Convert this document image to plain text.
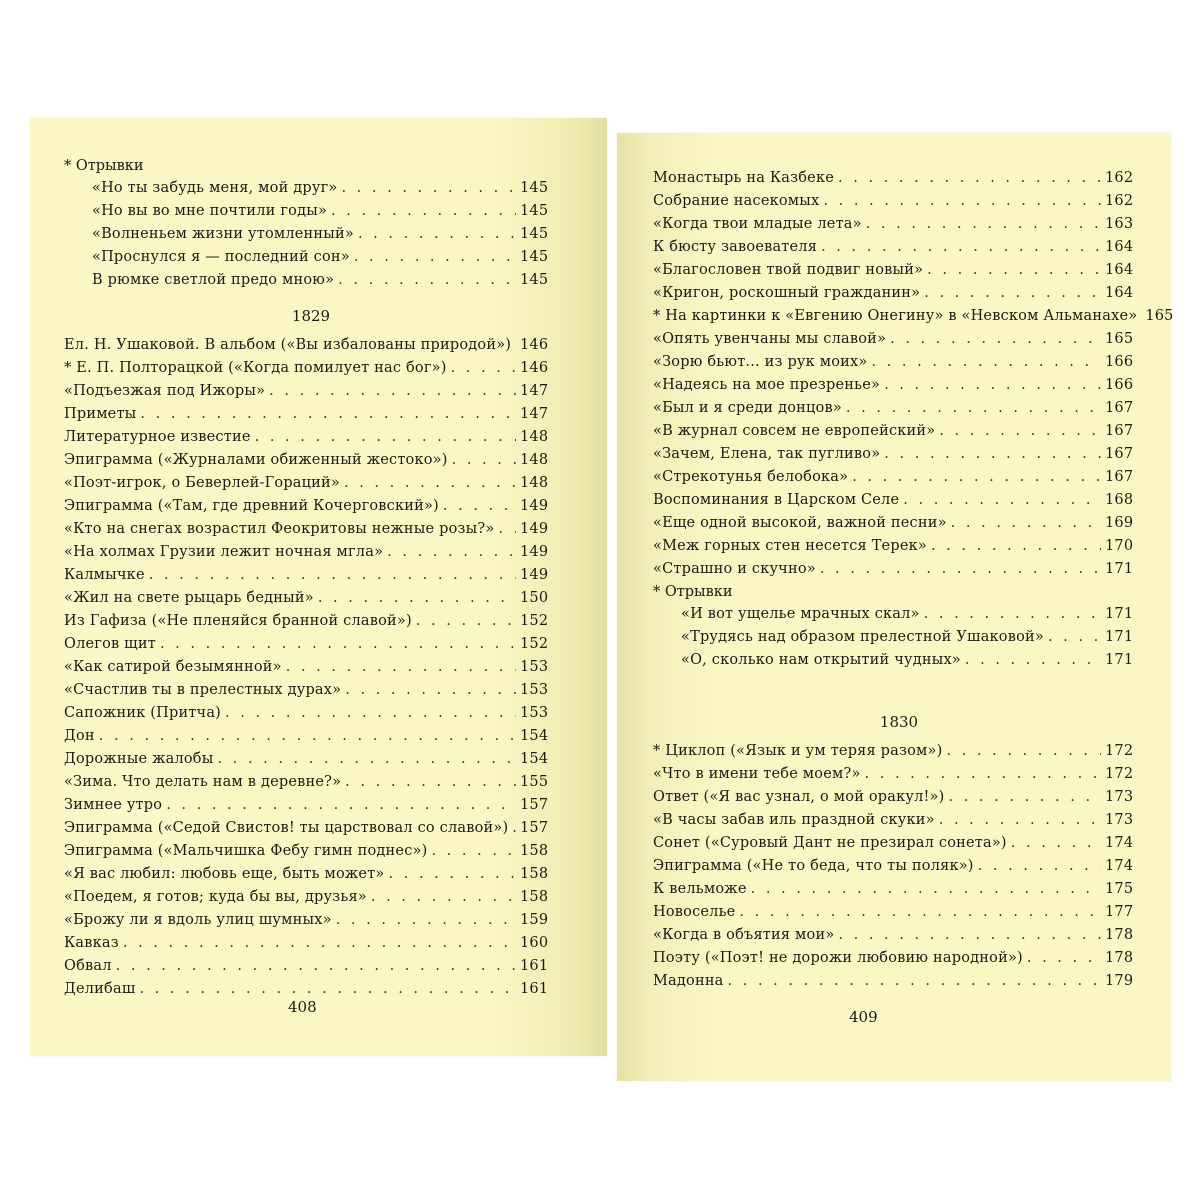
* Отрывки
«Но ты забудь меня, мой друг» . . .	145
«Но вы во мне почтили годы» . . .	145
«Волненьем жизни утомленный» . . .	145
«Проснулся я — последний сон» . . .	145
В рюмке светлой предо мною» . . .	145
1829
Ел. Н. Ушаковой. В альбом («Вы избалованы природой») . . . 146
* Е. П. Полторацкой («Когда помилует нас бог») . . .	146
«Подъезжая под Ижоры» . . .	147
Приметы . . .	147
Литературное известие . . .	148
Эпиграмма («Журналами обиженный жестоко») . . .	148
«Поэт-игрок, о Беверлей-Гораций» . . .	148
Эпиграмма («Там, где древний Кочерговский») . . .	149
«Кто на снегах возрастил Феокритовы нежные розы?» . . . 149
«На холмах Грузии лежит ночная мгла» . . .	149
Калмычке . . .	149
«Жил на свете рыцарь бедный» . . .	150
Из Гафиза («Не пленяйся бранной славой») . . .	152
Олегов щит . . .	152
«Как сатирой безымянной» . . .	153
«Счастлив ты в прелестных дурах» . . .	153
Сапожник (Притча) . . .	153
Дон . . .	154
Дорожные жалобы . . .	154
«Зима. Что делать нам в деревне?» . . .	155
Зимнее утро . . .	157
Эпиграмма («Седой Свистов! ты царствовал со славой») . . . 157
Эпиграмма («Мальчишка Фебу гимн поднес») . . .	158
«Я вас любил: любовь еще, быть может» . . .	158
«Поедем, я готов; куда бы вы, друзья» . . .	158
«Брожу ли я вдоль улиц шумных» . . .	159
Кавказ . . .	160
Обвал . . .	161
Делибаш . . .	161
408
Монастырь на Казбеке . . .	162
Собрание насекомых . . .	162
«Когда твои младые лета» . . .	163
К бюсту завоевателя . . .	164
«Благословен твой подвиг новый» . . .	164
«Кригон, роскошный гражданин» . . .	164
* На картинки к «Евгению Онегину» в «Невском Альманахе» 165
«Опять увенчаны мы славой» . . .	165
«Зорю бьют... из рук моих» . . .	166
«Надеясь на мое презренье» . . .	166
«Был и я среди донцов» . . .	167
«В журнал совсем не европейский» . . .	167
«Зачем, Елена, так пугливо» . . .	167
«Стрекотунья белобока» . . .	167
Воспоминания в Царском Селе . . .	168
«Еще одной высокой, важной песни» . . .	169
«Меж горных стен несется Терек» . . .	170
«Страшно и скучно» . . .	171
* Отрывки
«И вот ущелье мрачных скал» . . .	171
«Трудясь над образом прелестной Ушаковой» . . .	171
«О, сколько нам открытий чудных» . . .	171
1830
* Циклоп («Язык и ум теряя разом») . . .	172
«Что в имени тебе моем?» . . .	172
Ответ («Я вас узнал, о мой оракул!») . . .	173
«В часы забав иль праздной скуки» . . .	173
Сонет («Суровый Дант не презирал сонета») . . .	174
Эпиграмма («Не то беда, что ты поляк») . . .	174
К вельможе . . .	175
Новоселье . . .	177
«Когда в объятия мои» . . .	178
Поэту («Поэт! не дорожи любовию народной») . . .	178
Мадонна . . .	179
409
